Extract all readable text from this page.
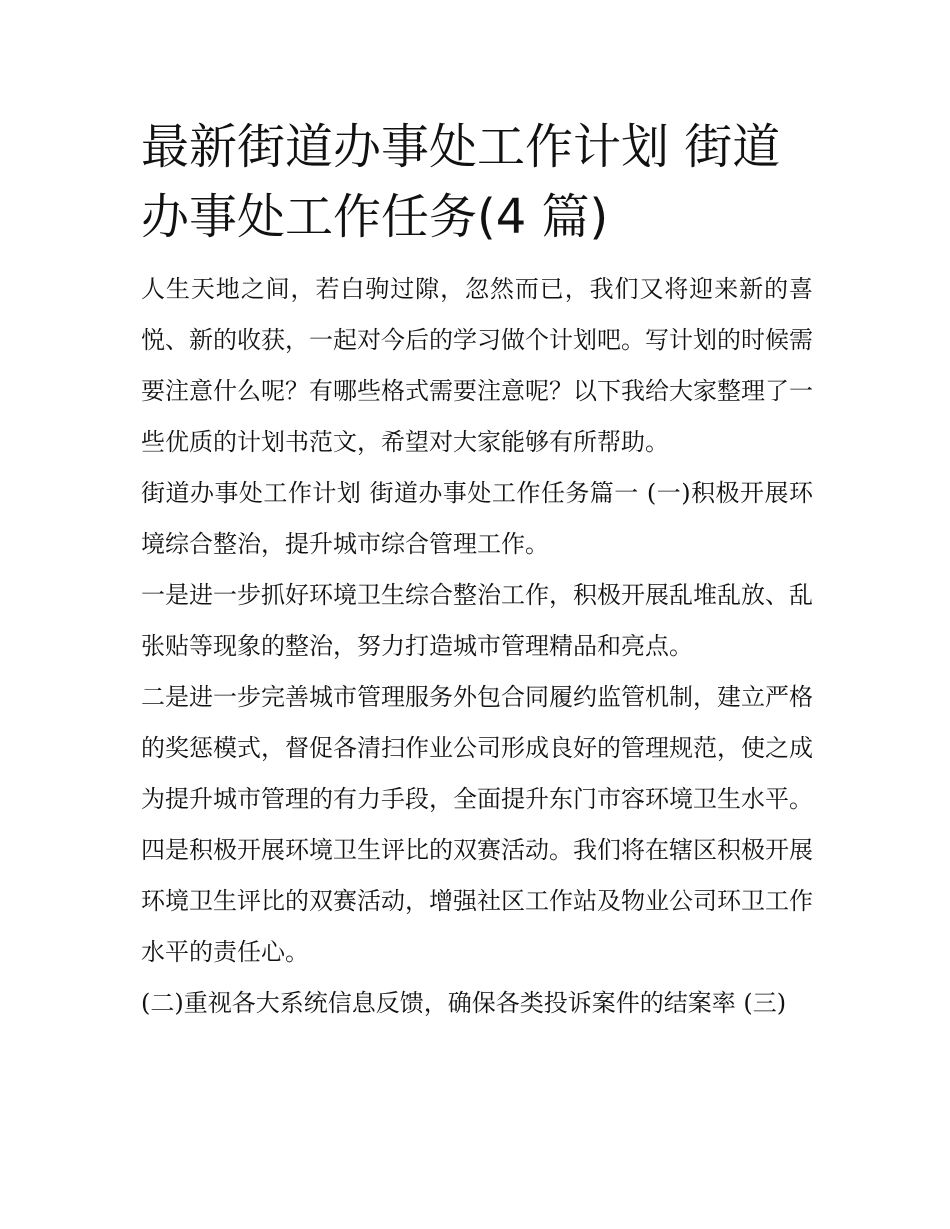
最新街道办事处工作计划 街道办事处工作任务(4 篇)

人生天地之间，若白驹过隙，忽然而已，我们又将迎来新的喜悦、新的收获，一起对今后的学习做个计划吧。写计划的时候需要注意什么呢？有哪些格式需要注意呢？以下我给大家整理了一些优质的计划书范文，希望对大家能够有所帮助。

街道办事处工作计划 街道办事处工作任务篇一 (一)积极开展环境综合整治，提升城市综合管理工作。

一是进一步抓好环境卫生综合整治工作，积极开展乱堆乱放、乱张贴等现象的整治，努力打造城市管理精品和亮点。

二是进一步完善城市管理服务外包合同履约监管机制，建立严格的奖惩模式，督促各清扫作业公司形成良好的管理规范，使之成为提升城市管理的有力手段，全面提升东门市容环境卫生水平。

四是积极开展环境卫生评比的双赛活动。我们将在辖区积极开展环境卫生评比的双赛活动，增强社区工作站及物业公司环卫工作水平的责任心。

(二)重视各大系统信息反馈，确保各类投诉案件的结案率 (三)
